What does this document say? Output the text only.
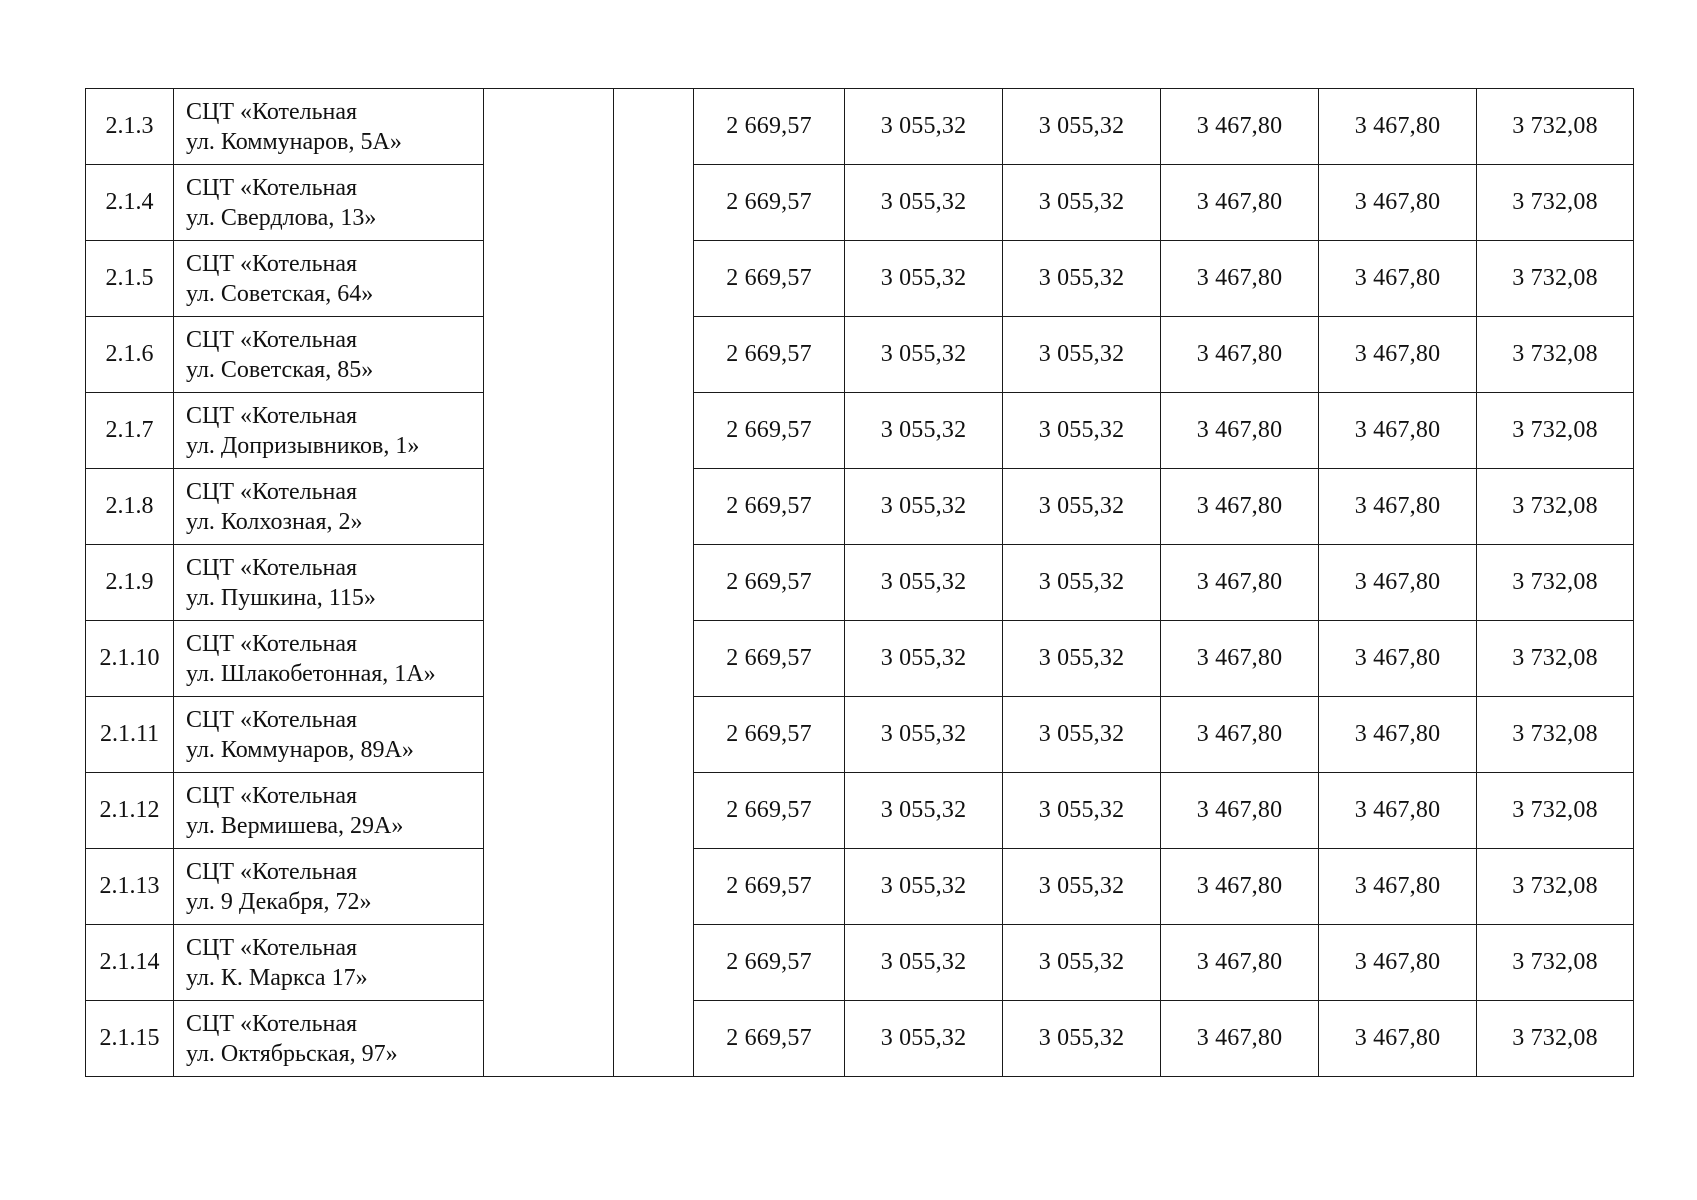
2.1.3	СЦТ «Котельная
ул. Коммунаров, 5А»			2 669,57	3 055,32	3 055,32	3 467,80	3 467,80	3 732,08
2.1.4	СЦТ «Котельная
ул. Свердлова, 13»			2 669,57	3 055,32	3 055,32	3 467,80	3 467,80	3 732,08
2.1.5	СЦТ «Котельная
ул. Советская, 64»			2 669,57	3 055,32	3 055,32	3 467,80	3 467,80	3 732,08
2.1.6	СЦТ «Котельная
ул. Советская, 85»			2 669,57	3 055,32	3 055,32	3 467,80	3 467,80	3 732,08
2.1.7	СЦТ «Котельная
ул. Допризывников, 1»			2 669,57	3 055,32	3 055,32	3 467,80	3 467,80	3 732,08
2.1.8	СЦТ «Котельная
ул. Колхозная, 2»			2 669,57	3 055,32	3 055,32	3 467,80	3 467,80	3 732,08
2.1.9	СЦТ «Котельная
ул. Пушкина, 115»			2 669,57	3 055,32	3 055,32	3 467,80	3 467,80	3 732,08
2.1.10	СЦТ «Котельная
ул. Шлакобетонная, 1А»			2 669,57	3 055,32	3 055,32	3 467,80	3 467,80	3 732,08
2.1.11	СЦТ «Котельная
ул. Коммунаров, 89А»			2 669,57	3 055,32	3 055,32	3 467,80	3 467,80	3 732,08
2.1.12	СЦТ «Котельная
ул. Вермишева, 29А»			2 669,57	3 055,32	3 055,32	3 467,80	3 467,80	3 732,08
2.1.13	СЦТ «Котельная
ул. 9 Декабря, 72»			2 669,57	3 055,32	3 055,32	3 467,80	3 467,80	3 732,08
2.1.14	СЦТ «Котельная
ул. К. Маркса 17»			2 669,57	3 055,32	3 055,32	3 467,80	3 467,80	3 732,08
2.1.15	СЦТ «Котельная
ул. Октябрьская, 97»			2 669,57	3 055,32	3 055,32	3 467,80	3 467,80	3 732,08
